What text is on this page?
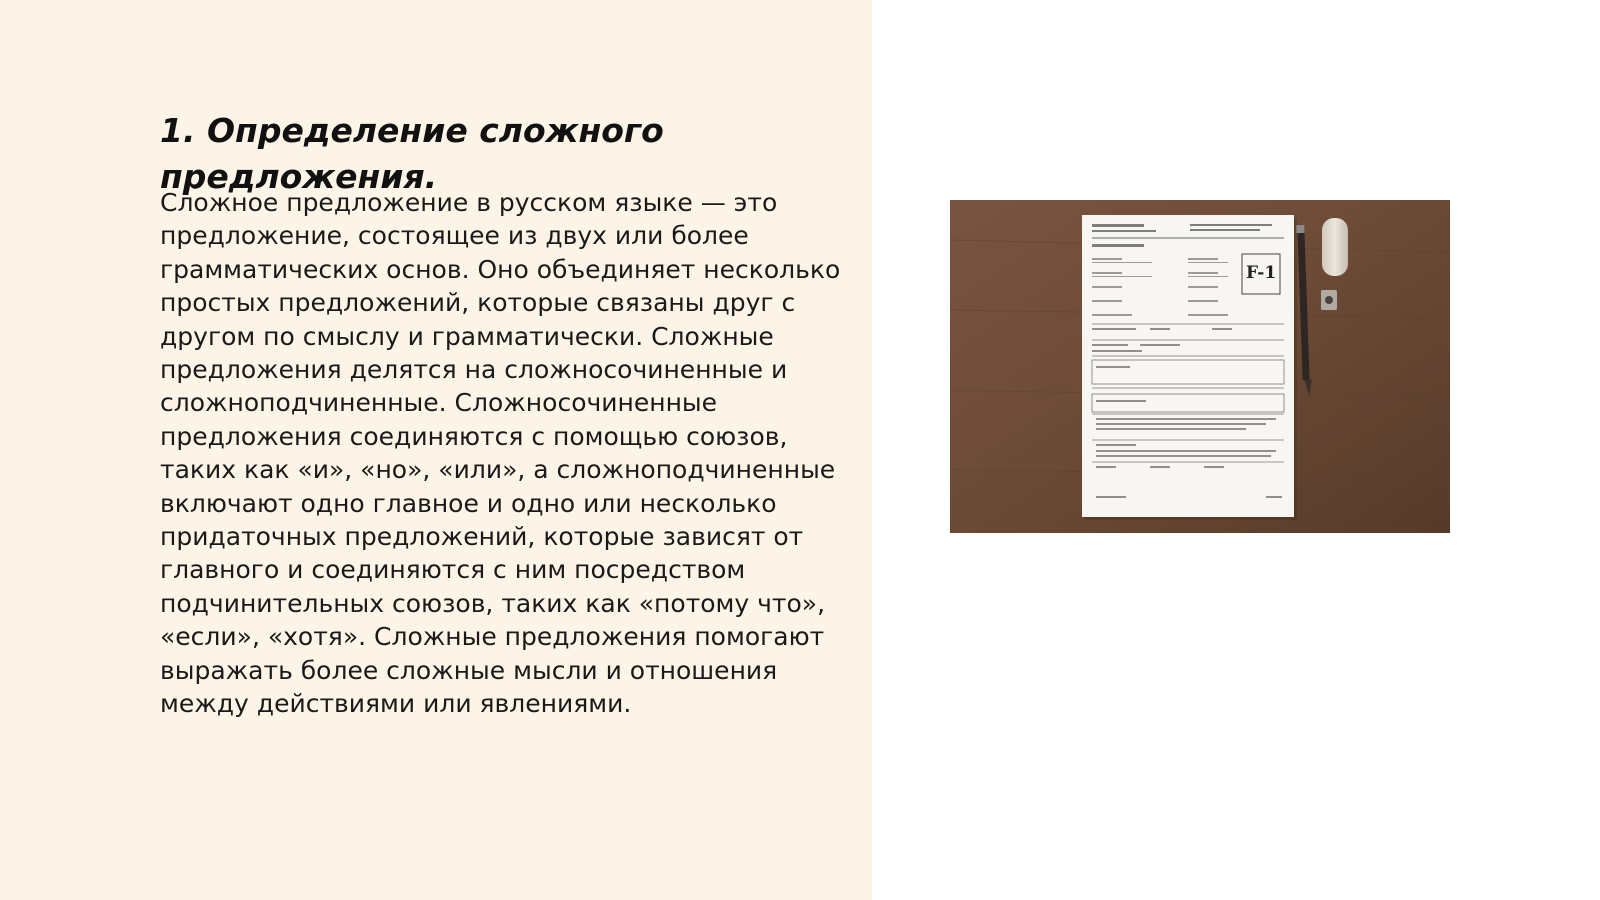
1. Определение сложного предложения.

Сложное предложение в русском языке — это предложение, состоящее из двух или более грамматических основ. Оно объединяет несколько простых предложений, которые связаны друг с другом по смыслу и грамматически. Сложные предложения делятся на сложносочиненные и сложноподчиненные. Сложносочиненные предложения соединяются с помощью союзов, таких как «и», «но», «или», а сложноподчиненные включают одно главное и одно или несколько придаточных предложений, которые зависят от главного и соединяются с ним посредством подчинительных союзов, таких как «потому что», «если», «хотя». Сложные предложения помогают выражать более сложные мысли и отношения между действиями или явлениями.

F-1
